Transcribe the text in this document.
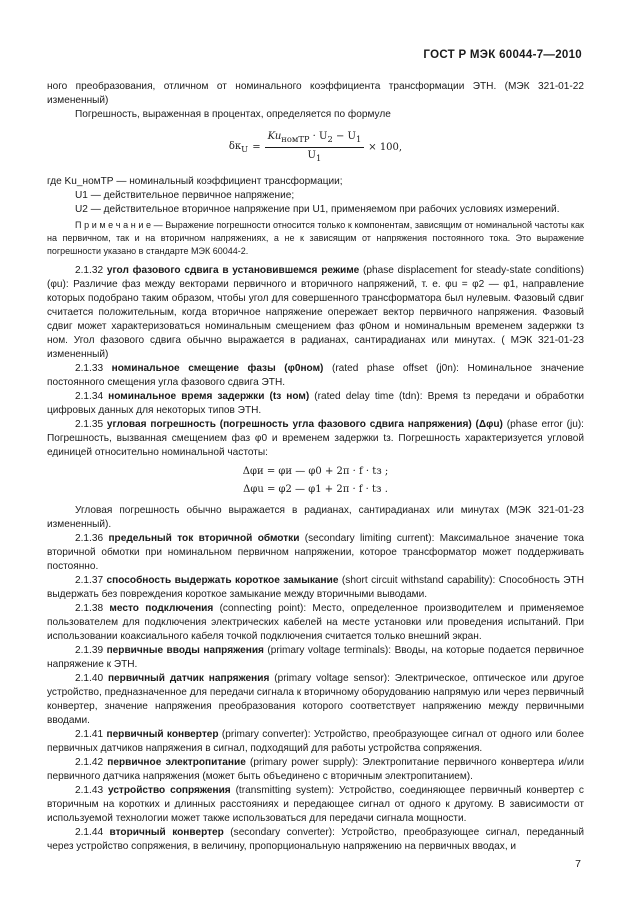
ГОСТ Р МЭК 60044-7—2010

ного преобразования, отличном от номинального коэффициента трансформации ЭТН. (МЭК 321-01-22 измененный)

Погрешность, выраженная в процентах, определяется по формуле

$\delta к_U = \frac{Ku_{номТР} \cdot U_2 - U_1}{U_1} \times 100$,

где Ku_номТР — номинальный коэффициент трансформации;

U1 — действительное первичное напряжение;

U2 — действительное вторичное напряжение при U1, применяемом при рабочих условиях измерений.

П р и м е ч а н и е — Выражение погрешности относится только к компонентам, зависящим от номинальной частоты как на первичном, так и на вторичном напряжениях, а не к зависящим от напряжения постоянного тока. Это выражение погрешности указано в стандарте МЭК 60044-2.

2.1.32 угол фазового сдвига в установившемся режиме (phase displacement for steady-state conditions) (φu): Различие фаз между векторами первичного и вторичного напряжений, т. е. φu = φ2 — φ1, направление которых подобрано таким образом, чтобы угол для совершенного трансформатора был нулевым. Фазовый сдвиг считается положительным, когда вторичное напряжение опережает вектор первичного напряжения. Фазовый сдвиг может характеризоваться номинальным смещением фаз φ0ном и номинальным временем задержки tз ном. Угол фазового сдвига обычно выражается в радианах, сантирадианах или минутах. ( МЭК 321-01-23 измененный)

2.1.33 номинальное смещение фазы (φ0ном) (rated phase offset (j0n): Номинальное значение постоянного смещения угла фазового сдвига ЭТН.

2.1.34 номинальное время задержки (tз ном) (rated delay time (tdn): Время tз передачи и обработки цифровых данных для некоторых типов ЭТН.

2.1.35 угловая погрешность (погрешность угла фазового сдвига напряжения) (Δφu) (phase error (ju): Погрешность, вызванная смещением фаз φ0 и временем задержки tз. Погрешность характеризуется угловой единицей относительно номинальной частоты:

Δφи = φи — φ0 + 2π · f · tз ;
Δφu = φ2 — φ1 + 2π · f · tз .

Угловая погрешность обычно выражается в радианах, сантирадианах или минутах (МЭК 321-01-23 измененный).

2.1.36 предельный ток вторичной обмотки (secondary limiting current): Максимальное значение тока вторичной обмотки при номинальном первичном напряжении, которое трансформатор может поддерживать постоянно.

2.1.37 способность выдержать короткое замыкание (short circuit withstand capability): Способность ЭТН выдержать без повреждения короткое замыкание между вторичными выводами.

2.1.38 место подключения (connecting point): Место, определенное производителем и применяемое пользователем для подключения электрических кабелей на месте установки или проведения испытаний. При использовании коаксиального кабеля точкой подключения считается только внешний экран.

2.1.39 первичные вводы напряжения (primary voltage terminals): Вводы, на которые подается первичное напряжение к ЭТН.

2.1.40 первичный датчик напряжения (primary voltage sensor): Электрическое, оптическое или другое устройство, предназначенное для передачи сигнала к вторичному оборудованию напрямую или через первичный конвертер, значение напряжения преобразования которого соответствует напряжению между первичными вводами.

2.1.41 первичный конвертер (primary converter): Устройство, преобразующее сигнал от одного или более первичных датчиков напряжения в сигнал, подходящий для работы устройства сопряжения.

2.1.42 первичное электропитание (primary power supply): Электропитание первичного конвертера и/или первичного датчика напряжения (может быть объединено с вторичным электропитанием).

2.1.43 устройство сопряжения (transmitting system): Устройство, соединяющее первичный конвертер с вторичным на коротких и длинных расстояниях и передающее сигнал от одного к другому. В зависимости от используемой технологии может также использоваться для передачи сигнала мощности.

2.1.44 вторичный конвертер (secondary converter): Устройство, преобразующее сигнал, переданный через устройство сопряжения, в величину, пропорциональную напряжению на первичных вводах, и

7
